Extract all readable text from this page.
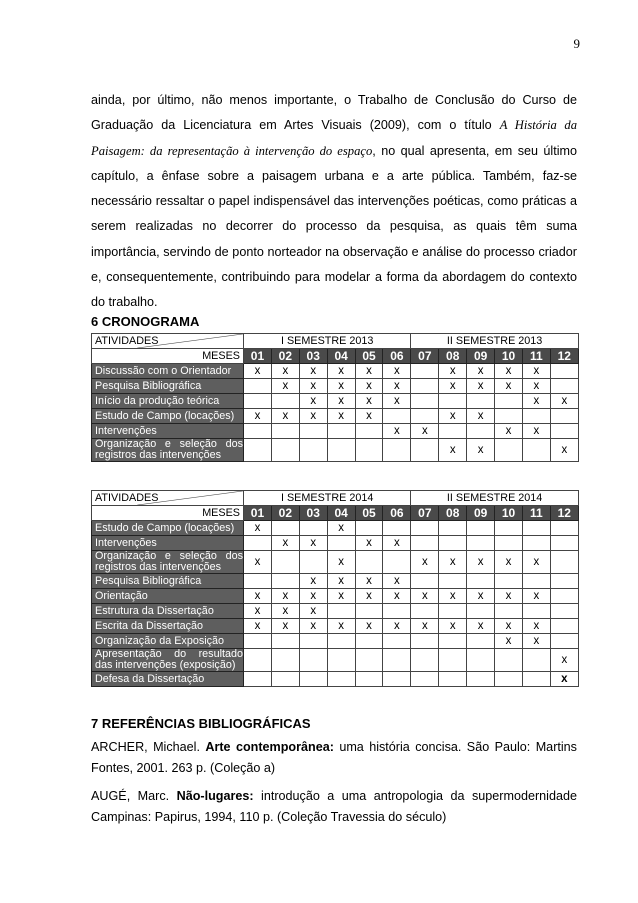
9
ainda, por último, não menos importante, o Trabalho de Conclusão do Curso de Graduação da Licenciatura em Artes Visuais (2009), com o título A História da Paisagem: da representação à intervenção do espaço, no qual apresenta, em seu último capítulo, a ênfase sobre a paisagem urbana e a arte pública. Também, faz-se necessário ressaltar o papel indispensável das intervenções poéticas, como práticas a serem realizadas no decorrer do processo da pesquisa, as quais têm suma importância, servindo de ponto norteador na observação e análise do processo criador e, consequentemente, contribuindo para modelar a forma da abordagem do contexto do trabalho.
6 CRONOGRAMA
ATIVIDADES	I SEMESTRE 2013						II SEMESTRE 2013					
MESES	01	02	03	04	05	06	07	08	09	10	11	12
Discussão com o Orientador	x	x	x	x	x	x		x	x	x	x	
Pesquisa Bibliográfica		x	x	x	x	x		x	x	x	x	
Início da produção teórica			x	x	x	x					x	x
Estudo de Campo (locações)	x	x	x	x	x			x	x			
Intervenções						x	x			x	x	
Organização e seleção dos registros das intervenções								x	x			x
ATIVIDADES	I SEMESTRE 2014						II SEMESTRE 2014					
MESES	01	02	03	04	05	06	07	08	09	10	11	12
Estudo de Campo (locações)	x			x								
Intervenções		x	x		x	x						
Organização e seleção dos registros das intervenções	x			x			x	x	x	x	x	
Pesquisa Bibliográfica			x	x	x	x						
Orientação	x	x	x	x	x	x	x	x	x	x	x	
Estrutura da Dissertação	x	x	x									
Escrita da Dissertação	x	x	x	x	x	x	x	x	x	x	x	
Organização da Exposição										x	x	
Apresentação do resultado das intervenções (exposição)												x
Defesa da Dissertação												x
7 REFERÊNCIAS BIBLIOGRÁFICAS
ARCHER, Michael. Arte contemporânea: uma história concisa. São Paulo: Martins Fontes, 2001. 263 p. (Coleção a)
AUGÉ, Marc. Não-lugares: introdução a uma antropologia da supermodernidade Campinas: Papirus, 1994, 110 p. (Coleção Travessia do século)
